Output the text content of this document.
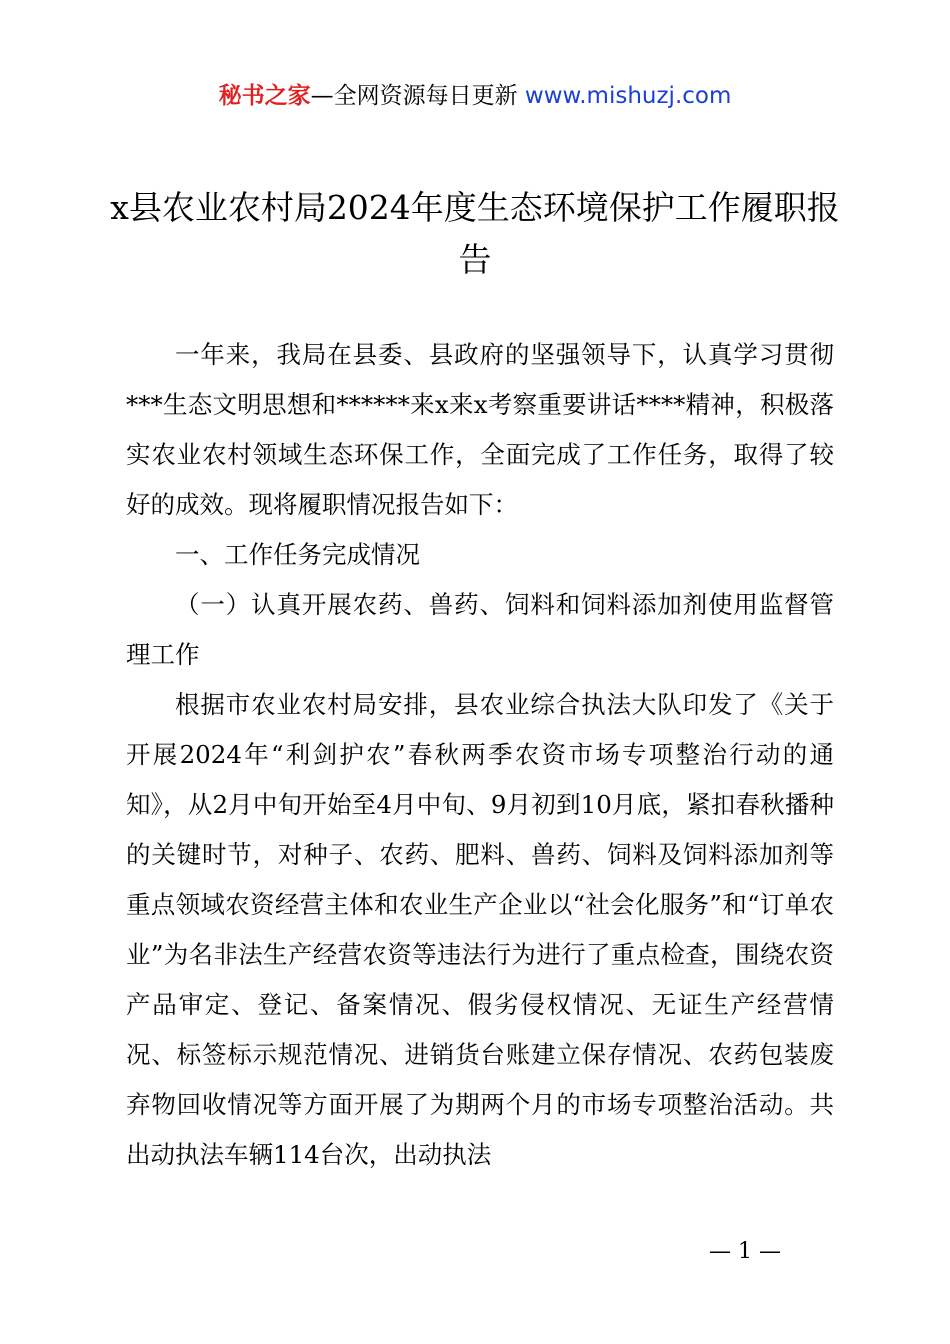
秘书之家—全网资源每日更新 www.mishuzj.com
x县农业农村局2024年度生态环境保护工作履职报告

一年来，我局在县委、县政府的坚强领导下，认真学习贯彻***生态文明思想和******来x来x考察重要讲话****精神，积极落实农业农村领域生态环保工作，全面完成了工作任务，取得了较好的成效。现将履职情况报告如下：

一、工作任务完成情况

（一）认真开展农药、兽药、饲料和饲料添加剂使用监督管理工作

根据市农业农村局安排，县农业综合执法大队印发了《关于开展2024年“利剑护农”春秋两季农资市场专项整治行动的通知》，从2月中旬开始至4月中旬、9月初到10月底，紧扣春秋播种的关键时节，对种子、农药、肥料、兽药、饲料及饲料添加剂等重点领域农资经营主体和农业生产企业以“社会化服务”和“订单农业”为名非法生产经营农资等违法行为进行了重点检查，围绕农资产品审定、登记、备案情况、假劣侵权情况、无证生产经营情况、标签标示规范情况、进销货台账建立保存情况、农药包装废弃物回收情况等方面开展了为期两个月的市场专项整治活动。共出动执法车辆114台次，出动执法

— 1 —
